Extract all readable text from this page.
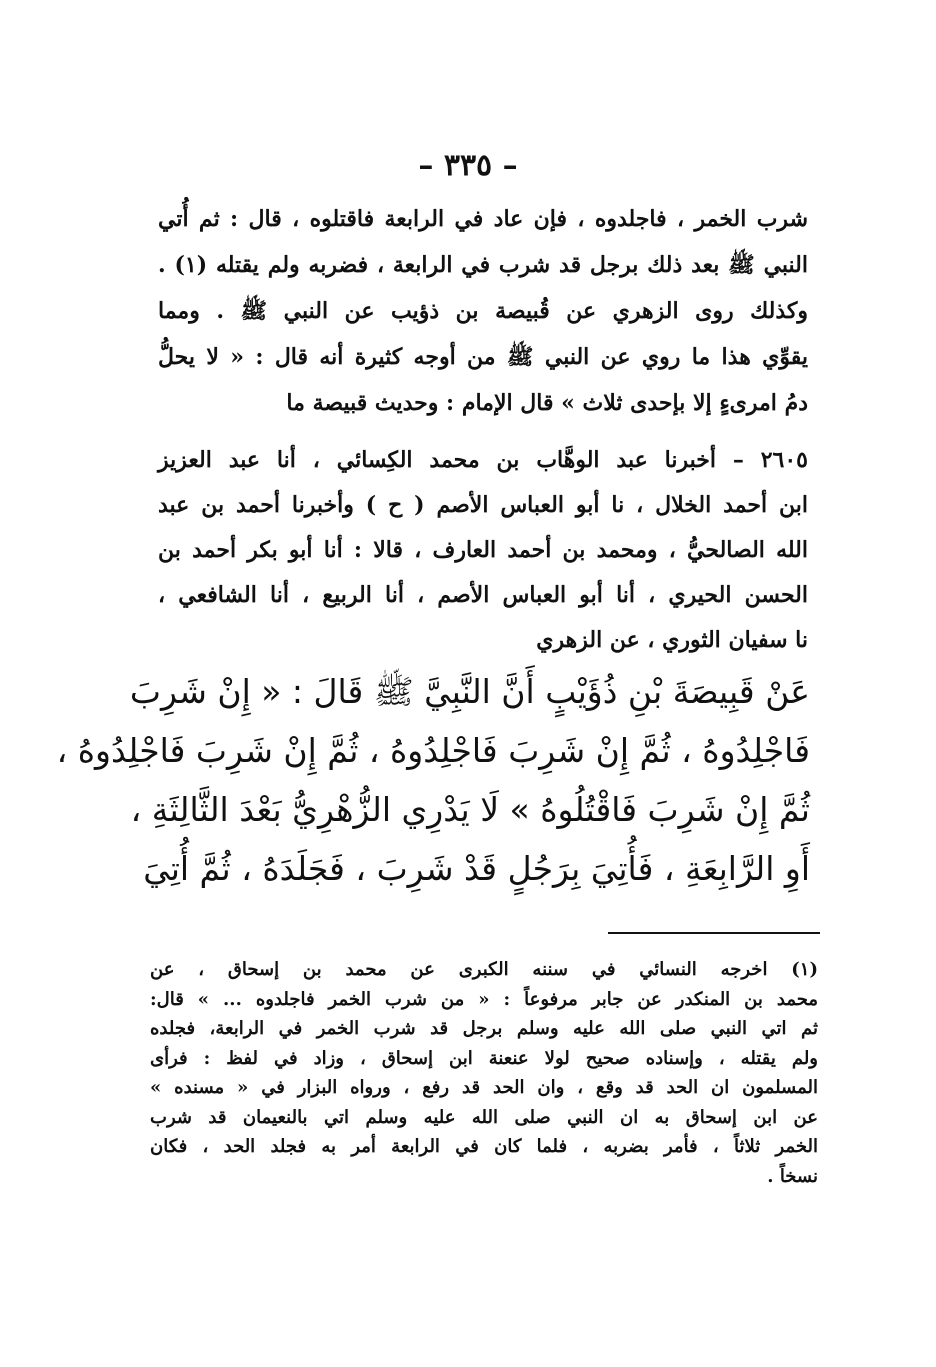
– ٣٣٥ –
شرب الخمر ، فاجلدوه ، فإن عاد في الرابعة فاقتلوه ، قال : ثم أُتي
النبي ﷺ بعد ذلك برجل قد شرب في الرابعة ، فضربه ولم يقتله (١) .
وكذلك روى الزهري عن قُبيصة بن ذؤيب عن النبي ﷺ . ومما
يقوِّي هذا ما روي عن النبي ﷺ من أوجه كثيرة أنه قال : « لا يحلُّ
دمُ امرىءٍ إلا بإحدى ثلاث » قال الإمام : وحديث قبيصة ما
٢٦٠٥ – أخبرنا عبد الوهَّاب بن محمد الكِسائي ، أنا عبد العزيز
ابن أحمد الخلال ، نا أبو العباس الأصم ( ح ) وأخبرنا أحمد بن عبد
الله الصالحيُّ ، ومحمد بن أحمد العارف ، قالا : أنا أبو بكر أحمد بن
الحسن الحيري ، أنا أبو العباس الأصم ، أنا الربيع ، أنا الشافعي ،
نا سفيان الثوري ، عن الزهري
عَنْ قَبِيصَةَ بْنِ ذُؤَيْبٍ أَنَّ النَّبِيَّ ﷺ قَالَ : « إِنْ شَرِبَ
فَاجْلِدُوهُ ، ثُمَّ إِنْ شَرِبَ فَاجْلِدُوهُ ، ثُمَّ إِنْ شَرِبَ فَاجْلِدُوهُ ،
ثُمَّ إِنْ شَرِبَ فَاقْتُلُوهُ » لَا يَدْرِي الزُّهْرِيُّ بَعْدَ الثَّالِثَةِ ،
أَوِ الرَّابِعَةِ ، فَأُتِيَ بِرَجُلٍ قَدْ شَرِبَ ، فَجَلَدَهُ ، ثُمَّ أُتِيَ
(١) اخرجه النسائي في سننه الكبرى عن محمد بن إسحاق ، عن
محمد بن المنكدر عن جابر مرفوعاً : « من شرب الخمر فاجلدوه ... » قال:
ثم اتي النبي صلى الله عليه وسلم برجل قد شرب الخمر في الرابعة، فجلده
ولم يقتله ، وإسناده صحيح لولا عنعنة ابن إسحاق ، وزاد في لفظ : فرأى
المسلمون ان الحد قد وقع ، وان الحد قد رفع ، ورواه البزار في « مسنده »
عن ابن إسحاق به ان النبي صلى الله عليه وسلم اتي بالنعيمان قد شرب
الخمر ثلاثاً ، فأمر بضربه ، فلما كان في الرابعة أمر به فجلد الحد ، فكان
نسخاً .
